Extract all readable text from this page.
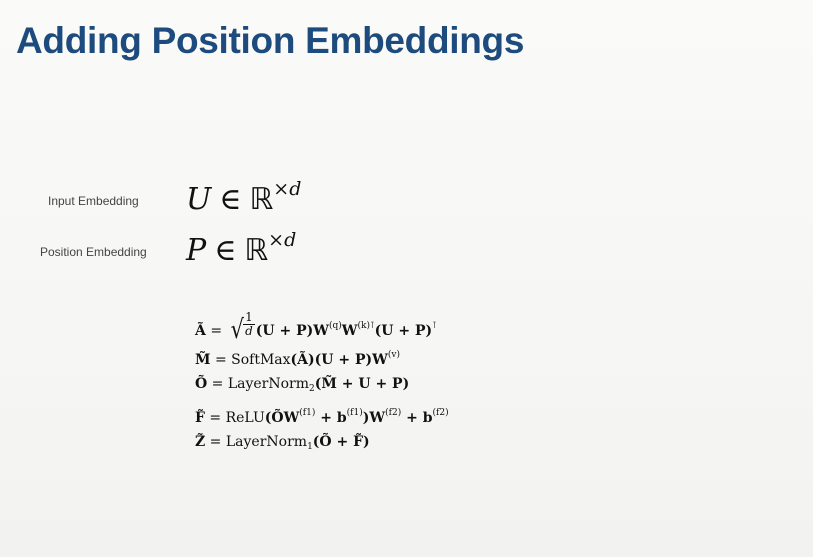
Adding Position Embeddings
Input Embedding U ∈ ℝ$^{\times d}$
Position Embedding P ∈ ℝ$^{\times d}$
Ã = √ 1
d $(U + P)W^{(q)}W^{(k)⊺}(U + P)^⊺$
M̃ = SoftMax(Ã)(U + $P)W^{(v)}$
Õ = LayerNorm$_2$(M̃ + U + P)
F̃ = $ReLU(ÕW^{(f1)} + b^{(f1)})W^{(f2)} + b^{(f2)}$
Z̃ = LayerNorm$_1$(Õ + F̃)
